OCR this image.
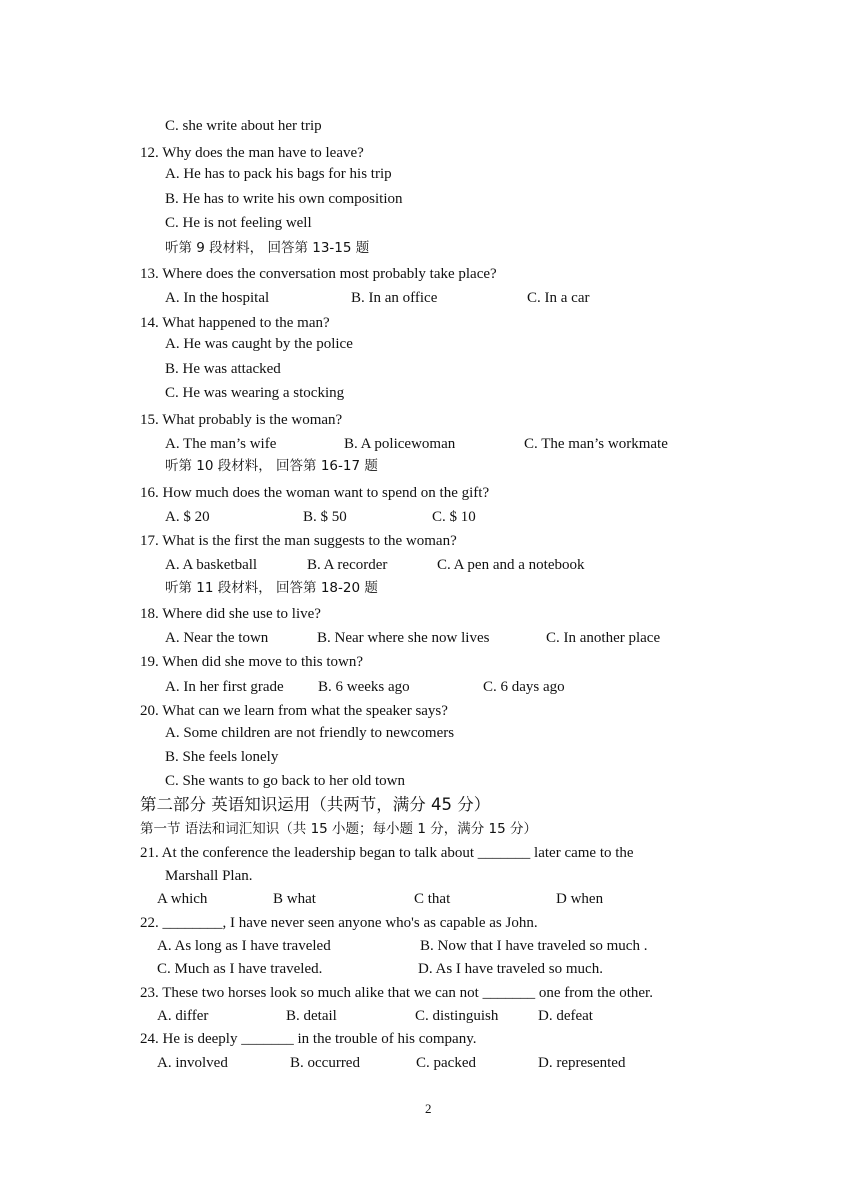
C. she write about her trip
12. Why does the man have to leave?
A. He has to pack his bags for his trip
B. He has to write his own composition
C. He is not feeling well
听第 9 段材料， 回答第 13-15 题
13. Where does the conversation most probably take place?
A. In the hospital	B. In an office	C. In a car
14. What happened to the man?
A. He was caught by the police
B. He was attacked
C. He was wearing a stocking
15. What probably is the woman?
A. The man’s wife	B. A policewoman	C. The man’s workmate
听第 10 段材料， 回答第 16-17 题
16. How much does the woman want to spend on the gift?
A. $ 20	B. $ 50	C. $ 10
17. What is the first the man suggests to the woman?
A. A basketball	B. A recorder	C. A pen and a notebook
听第 11 段材料， 回答第 18-20 题
18. Where did she use to live?
A. Near the town	B. Near where she now lives	C. In another place
19. When did she move to this town?
A. In her first grade B. 6 weeks ago	C. 6 days ago
20. What can we learn from what the speaker says?
A. Some children are not friendly to newcomers
B. She feels lonely
C. She wants to go back to her old town
第二部分 英语知识运用（共两节，满分 45 分）
第一节 语法和词汇知识（共 15 小题；每小题 1 分，满分 15 分）
21. At the conference the leadership began to talk about _______ later came to the
Marshall Plan.
A which	B what	C that	D when
22. ________, I have never seen anyone who's as capable as John.
A. As long as I have traveled	B. Now that I have traveled so much .
C. Much as I have traveled.	D. As I have traveled so much.
23. These two horses look so much alike that we can not _______ one from the other.
A. differ	B. detail	C. distinguish	D. defeat
24. He is deeply _______ in the trouble of his company.
A. involved	B. occurred	C. packed	D. represented
2
